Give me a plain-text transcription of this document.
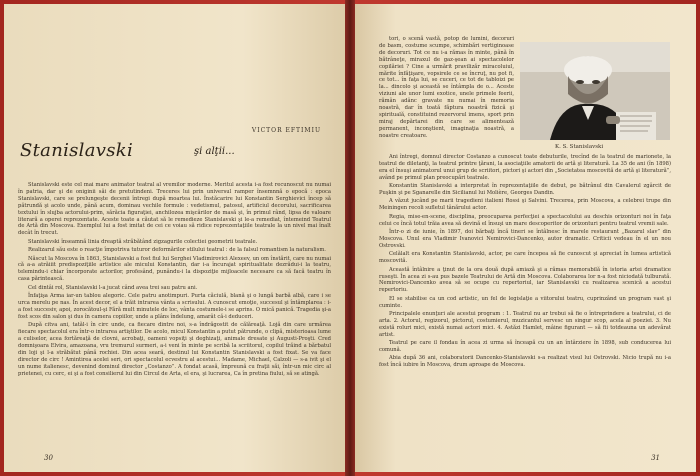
VICTOR EFTIMIU
Stanislavski	şi alţii...

Stanislavski este cel mai mare animator teatral al vremilor moderne. Meritul acesta i-a fost recunoscut nu numai în patria, dar şi de oniginii săi de pretutindeni. Treceres lui prin universul ramper însemnnă o epocă : epoca Stanislavski, care se prelungeşte decenii întregi după moartea lui. Înstăcarire lui Konstantin Serghievici încep să pătrundă şi acolo unde, până acum, dominau vechile formule : vedetismul, patosul, artificiul decorului, sacrificarea textului în slujba actorului-prim, sărăcia figuraţiei, anchilozea mişcărilor de masă şi, în primul rând, lipsa de valoare literară a operei reprezentate. Aceste toate a căutat să le remedieze Stanislavski şi le-a remediat, întemeind Teatrul de Artă din Moscova. Exemplul lui a fost imitat de cei ce voiau să ridice reprezentaţiile teatrale la un nivel mai înalt decât în trecut.

Stanislavski înseamnă linia dreaptă străbătând zigzagurile colectiei geometrii teatrale.

Realizarul său este o reacţie împotriva tuturor deformărilor stilului teatral : de la falsul romantism la naturalism.

Născut la Moscova în 1863, Stanislavski a fost fiul lui Serghei Vladimirovici Alexeev, un om înstărit, care nu numai că a-a atrăiiit predispoziţiile artistice ale micului Konstantin, dar i-a încurajat spiritualitate dezrădui-i la teatru, telemindu-i chiar încorporate actorilor, profesând, punându-i la dispoziţie mijloacele necesare ca să facă teatru în casa părintească.

Cel dintâi rol, Stanislavski l-a jucat când avea trei sau patru ani.

Înfaţişa Arma iar-un tablou alegoric. Cele patru anotimpuri. Purta căciulă, blană şi o lungă barbă albă, care i se urca merelu pe nas. În acest decor, el a trăit intrarea vânta a scrisului. A cunoscut emoţie, succesul şi întâmplarea : i-a fost succesiv, apoi, zorocătoul-şi Fără mult minutele de loc, vânta costumele-i se aprins. O mică panică. Tragedia şi-a fost scos din salon şi dus în camera copiilor, unde a plâns îndelung, amarât că-i deduceri.

După citva ani, tatăl-i în circ unde, ca fiecare dintre noi, s-a îndrăgostit de călăreaţă. Lojă din care urmărea fiecare spectacolul era într-o intrarea artiştilor. De acolo, micul Konstantin a putut pătrunde, o clipă, misterioasa lume a culiselor, acea fortăreaţă de clovni, acrobaţi, oameni vopsiţi şi deghizaţi, animale dresate şi Augusti-Proşti. Cred domnişoara Elvira, amazoana, vru tremurul surmeri, a-i veni în minte pe scribă la scriitorul, copilul trăind a bărbatul din loji şi l-a străbătut până rochiei. Din acea seară, destinul lui Konstantin Stanislavski a fost fixat. Se va face director de circ ! Amintirea acelei seri, ori spectacolul ecvestru al acestui... Madame, Michael, Calzoli — s-a ivit şi el un nume italienesc, devenind dominul director „Costanzo”. A fondat acasă, împreună cu fraţii săi, într-un mic circ al prietenei, cu cerc, ei şi a fost consilierul lui din Circul de Arta, el era, şi lucrarea, Ca în pretina fiului, să se atingă.

30

tori, o scenă vastă, potop de lumini, decoruri de basm, costume scumpe, schimbări vertiginoase de decoruri. Tot ce nu i-a rămas în minte, până în bătrâneţe, miraxul de gaz-şean ai spectacolelor copilăriei ? Cine a urmărit pravilizăr miracoluiul, mărite înfăţişare, vopsirele ce se încruţ, nu pot fi, ce tot... în faţa lui, se cuceri, ce tot de tabloizi pe la... dincolo şi această se întâmpla de o... Aceste viziuni ale unor lumi exotice, unele primele feerii, rămân adânc gravate nu numai în memoria noastră, dar în toată făptura noastră fizică şi spirituală, constituind rezervorul imens, sport prin miraj depărtarei din care se alimentează permanent, inconştient, imaginaţia noastră, a noastre creatoare.

K. S. Stanislavski

Ani întregi, domnul director Costanzo a cunoscut toate debuturile, trecînd de la teatrul de marionete, la teatrul de diletanţi, la teatrul printre ţărani, la asociaţiile amatorii de artă şi literatură. La 35 de ani (în 1898) era el însuşi animatorul unui grup de scriitori, pictori şi actori din „Societatea moscovită de artă şi literatură”, având pe primul plan preocupări teatrale.

Konstantin Stanislavski a interpretat în reprezentaţiile de debut, pe bătrânul din Cavalerul zgârcit de Puşkin şi pe Sganarelle din Sicilianul lui Molière, Georges Dandin.

A văzut jucând pe marii tragedieni italieni Rossi şi Salvini. Trecerea, prin Moscova, a celebrei trupe din Meiningen recoli sufletul tânărului actor.

Regia, mise-en-scene, disciplina, preocuparea perfecţiei a spectacolului au deschis orizonturi noi în faţa celui ce încă totul trăia avea să devină el însuşi un mare descoperitor de orizonturi pentru teatrul vremii sale.

Într-o zi de iunie, în 1897, doi bărbaţi încă tineri se întâlnesc în marele restaurant „Bazarul slav” din Moscova. Unul era Vladimir Ivanovici Nemirovici-Dancenko, autor dramatic. Criticii vedeau în el un nou Ostrovski.

Celălalt era Konstantin Stanislavski, actor, pe care începea să fie cunoscut şi apreciat în lumea artistică moscovită.

Această întâlnire a ţinut de la ora două după amiază şi a rămas memorabilă în istoria artei dramatice ruseşti. În acea zi s-au pus bazele Teatrului de Artă din Moscova. Colaborarea lor n-a fost niciodată tulburată. Nemirovici-Dancenko avea să se ocupe cu repertoriul, iar Stanislavski cu realizarea scenică a acestui repertoriu.

El se stabilise ca un cod artistic, un fel de legislaţie a viitorului teatru, cuprinzând un program vast şi cuminte.

Principalele enunţuri ale acestui program : 1. Teatrul nu ar trebui să fie o întreprindere a teatrului, ci de arta. 2. Actorul, regizorul, pictorul, costumierul, muzicantul servesc un singur scop, acela al poeziei. 3. Nu există roluri mici, există numai actori mici. 4. Astăzi Hamlet, mâine figurant — să fii totdeauna un adevărat artist.

Teatrul pe care il fondau în acea zi urma să înceapă cu un an întârziere în 1898, sub conducerea lui comună.

Abia după 36 ani, colaboratorii Dancenko-Stanislavski s-a realizat visul lui Ostrovski. Nicio trupă nu i-a fost încă iubire în Moscova, drum aproape de Moscova.

31
